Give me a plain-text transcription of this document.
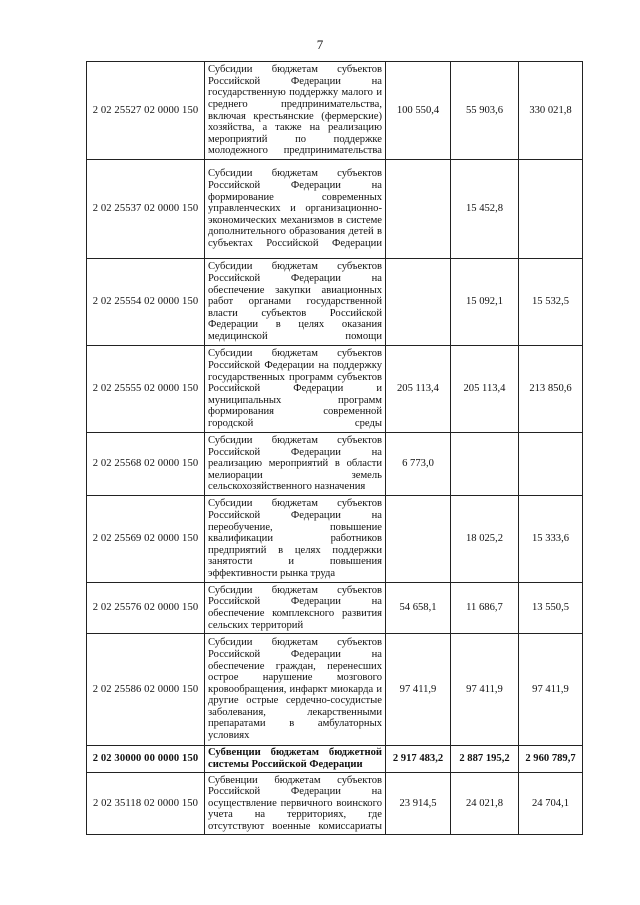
7
2 02 25527 02 0000 150	Субсидии бюджетам субъектов Российской Федерации на государственную поддержку малого и среднего предпринимательства, включая крестьянские (фермерские) хозяйства, а также на реализацию мероприятий по поддержке молодежного предпринимательства	100 550,4	55 903,6	330 021,8
2 02 25537 02 0000 150	Субсидии бюджетам субъектов Российской Федерации на формирование современных управленческих и организационно-экономических механизмов в системе дополнительного образования детей в субъектах Российской Федерации		15 452,8	
2 02 25554 02 0000 150	Субсидии бюджетам субъектов Российской Федерации на обеспечение закупки авиационных работ органами государственной власти субъектов Российской Федерации в целях оказания медицинской помощи		15 092,1	15 532,5
2 02 25555 02 0000 150	Субсидии бюджетам субъектов Российской Федерации на поддержку государственных программ субъектов Российской Федерации и муниципальных программ формирования современной городской среды	205 113,4	205 113,4	213 850,6
2 02 25568 02 0000 150	Субсидии бюджетам субъектов Российской Федерации на реализацию мероприятий в области мелиорации земель сельскохозяйственного назначения	6 773,0		
2 02 25569 02 0000 150	Субсидии бюджетам субъектов Российской Федерации на переобучение, повышение квалификации работников предприятий в целях поддержки занятости и повышения эффективности рынка труда		18 025,2	15 333,6
2 02 25576 02 0000 150	Субсидии бюджетам субъектов Российской Федерации на обеспечение комплексного развития сельских территорий	54 658,1	11 686,7	13 550,5
2 02 25586 02 0000 150	Субсидии бюджетам субъектов Российской Федерации на обеспечение граждан, перенесших острое нарушение мозгового кровообращения, инфаркт миокарда и другие острые сердечно-сосудистые заболевания, лекарственными препаратами в амбулаторных условиях	97 411,9	97 411,9	97 411,9
2 02 30000 00 0000 150	Субвенции бюджетам бюджетной системы Российской Федерации	2 917 483,2	2 887 195,2	2 960 789,7
2 02 35118 02 0000 150	Субвенции бюджетам субъектов Российской Федерации на осуществление первичного воинского учета на территориях, где отсутствуют военные комиссариаты	23 914,5	24 021,8	24 704,1
